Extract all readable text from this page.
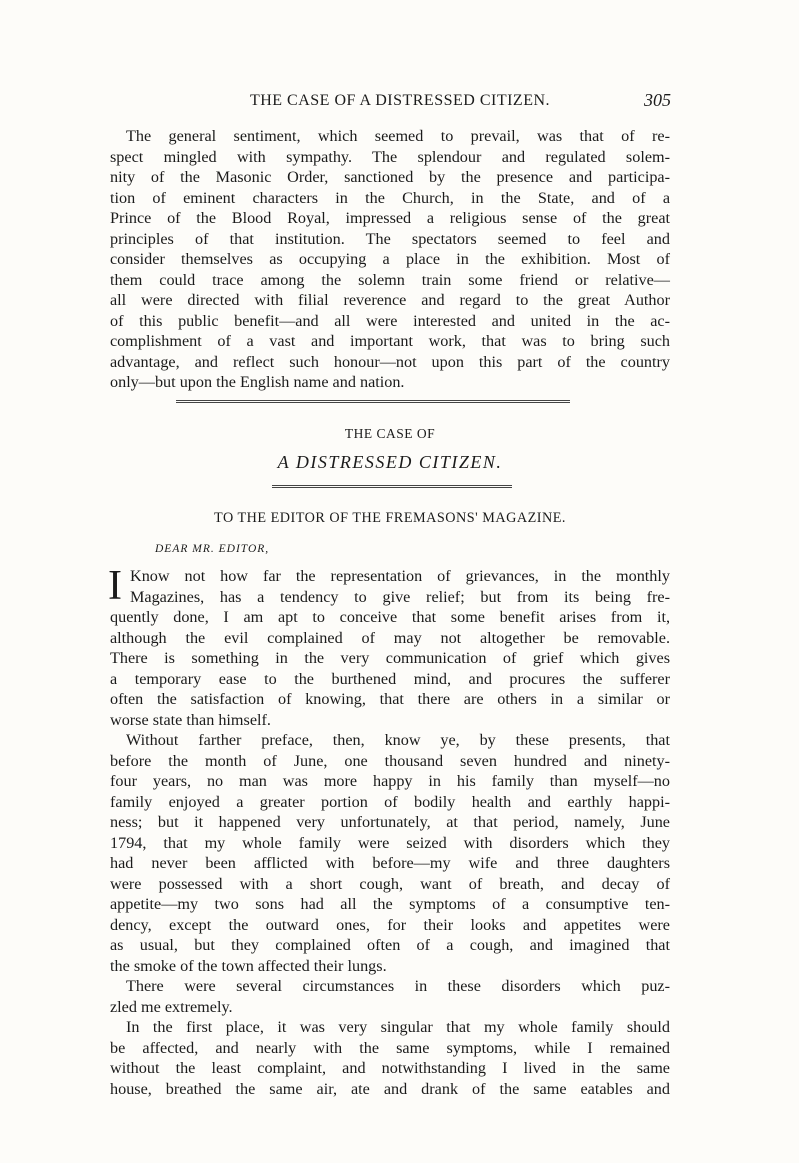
THE CASE OF A DISTRESSED CITIZEN.	305
The general sentiment, which seemed to prevail, was that of re-
spect mingled with sympathy. The splendour and regulated solem-
nity of the Masonic Order, sanctioned by the presence and participa-
tion of eminent characters in the Church, in the State, and of a
Prince of the Blood Royal, impressed a religious sense of the great
principles of that institution. The spectators seemed to feel and
consider themselves as occupying a place in the exhibition. Most of
them could trace among the solemn train some friend or relative—
all were directed with filial reverence and regard to the great Author
of this public benefit—and all were interested and united in the ac-
complishment of a vast and important work, that was to bring such
advantage, and reflect such honour—not upon this part of the country
only—but upon the English name and nation.
THE CASE OF
A DISTRESSED CITIZEN.
TO THE EDITOR OF THE FREMASONS' MAGAZINE.
DEAR MR. EDITOR,
I Know not how far the representation of grievances, in the monthly
Magazines, has a tendency to give relief; but from its being fre-
quently done, I am apt to conceive that some benefit arises from it,
although the evil complained of may not altogether be removable.
There is something in the very communication of grief which gives
a temporary ease to the burthened mind, and procures the sufferer
often the satisfaction of knowing, that there are others in a similar or
worse state than himself.
Without farther preface, then, know ye, by these presents, that
before the month of June, one thousand seven hundred and ninety-
four years, no man was more happy in his family than myself—no
family enjoyed a greater portion of bodily health and earthly happi-
ness; but it happened very unfortunately, at that period, namely, June
1794, that my whole family were seized with disorders which they
had never been afflicted with before—my wife and three daughters
were possessed with a short cough, want of breath, and decay of
appetite—my two sons had all the symptoms of a consumptive ten-
dency, except the outward ones, for their looks and appetites were
as usual, but they complained often of a cough, and imagined that
the smoke of the town affected their lungs.
There were several circumstances in these disorders which puz-
zled me extremely.
In the first place, it was very singular that my whole family should
be affected, and nearly with the same symptoms, while I remained
without the least complaint, and notwithstanding I lived in the same
house, breathed the same air, ate and drank of the same eatables and
